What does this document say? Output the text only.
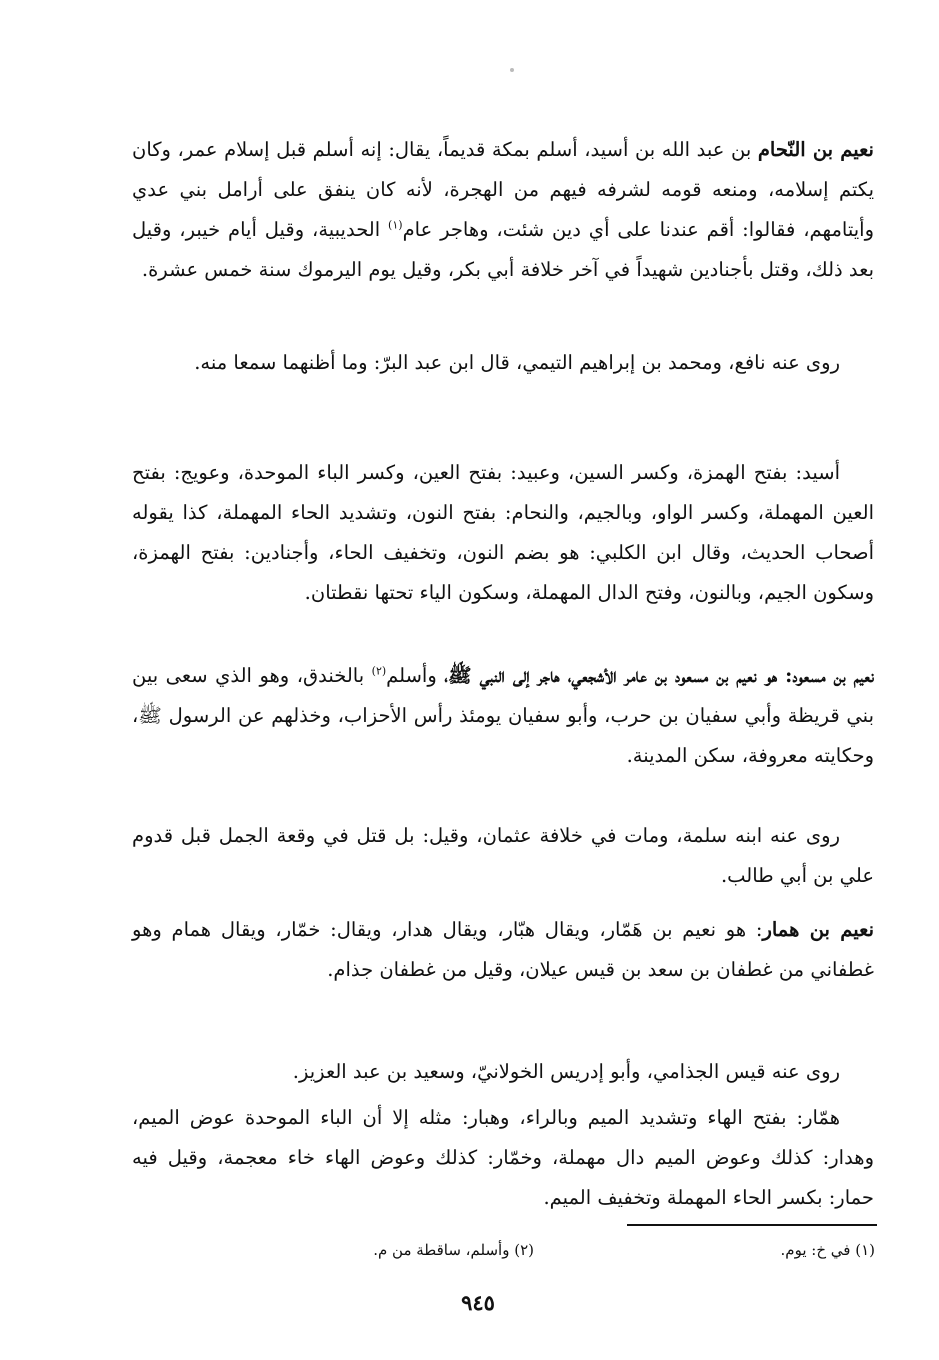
نعيم بن النّحام بن عبد الله بن أسيد، أسلم بمكة قديماً، يقال: إنه أسلم قبل إسلام عمر، وكان يكتم إسلامه، ومنعه قومه لشرفه فيهم من الهجرة، لأنه كان ينفق على أرامل بني عدي وأيتامهم، فقالوا: أقم عندنا على أي دين شئت، وهاجر عام$^{(١)}$ الحديبية، وقيل أيام خيبر، وقيل بعد ذلك، وقتل بأجنادين شهيداً في آخر خلافة أبي بكر، وقيل يوم اليرموك سنة خمس عشرة.

روى عنه نافع، ومحمد بن إبراهيم التيمي، قال ابن عبد البرّ: وما أظنهما سمعا منه.

أسيد: بفتح الهمزة، وكسر السين، وعبيد: بفتح العين، وكسر الباء الموحدة، وعويج: بفتح العين المهملة، وكسر الواو، وبالجيم، والنحام: بفتح النون، وتشديد الحاء المهملة، كذا يقوله أصحاب الحديث، وقال ابن الكلبي: هو بضم النون، وتخفيف الحاء، وأجنادين: بفتح الهمزة، وسكون الجيم، وبالنون، وفتح الدال المهملة، وسكون الياء تحتها نقطتان.

نعيم بن مسعود: هو نعيم بن مسعود بن عامر الأشجعي، هاجر إلى النبي ﷺ، وأسلم$^{(٢)}$ بالخندق، وهو الذي سعى بين بني قريظة وأبي سفيان بن حرب، وأبو سفيان يومئذ رأس الأحزاب، وخذلهم عن الرسول ﷺ، وحكايته معروفة، سكن المدينة.

روى عنه ابنه سلمة، ومات في خلافة عثمان، وقيل: بل قتل في وقعة الجمل قبل قدوم علي بن أبي طالب.

نعيم بن همار: هو نعيم بن هَمّار، ويقال هبّار، ويقال هدار، ويقال: خمّار، ويقال همام وهو غطفاني من غطفان بن سعد بن قيس عيلان، وقيل من غطفان جذام.

روى عنه قيس الجذامي، وأبو إدريس الخولانيّ، وسعيد بن عبد العزيز.

همّار: بفتح الهاء وتشديد الميم وبالراء، وهبار: مثله إلا أن الباء الموحدة عوض الميم، وهدار: كذلك وعوض الميم دال مهملة، وخمّار: كذلك وعوض الهاء خاء معجمة، وقيل فيه حمار: بكسر الحاء المهملة وتخفيف الميم.

(١) في خ: يوم.
(٢) وأسلم، ساقطة من م.
٩٤٥
